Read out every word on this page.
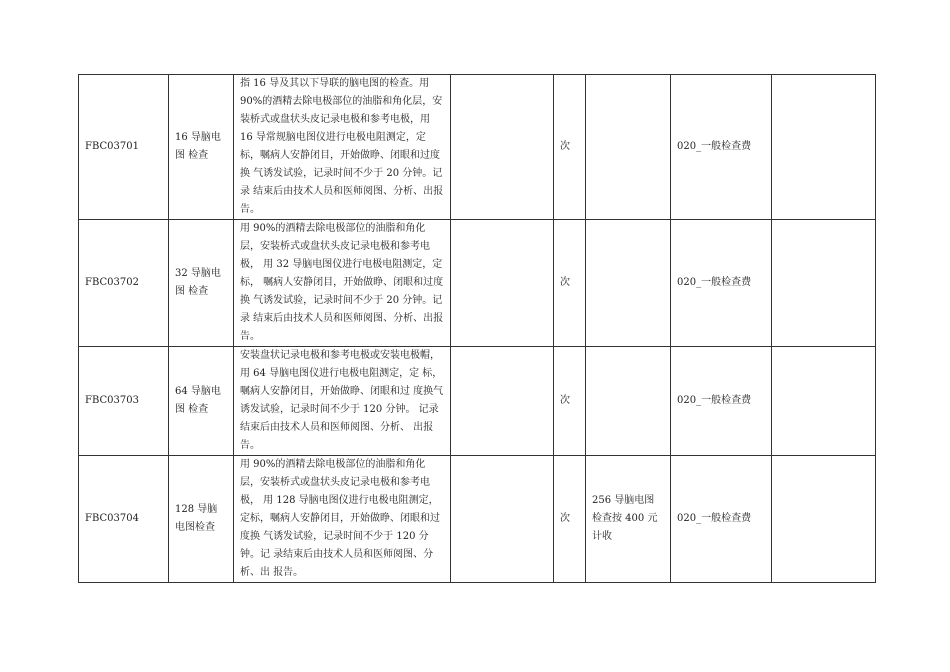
FBC03701	16 导脑电图 检查	指 16 导及其以下导联的脑电图的检查。用 90%的酒精去除电极部位的油脂和角化层，安 装桥式或盘状头皮记录电极和参考电极，用 16 导常规脑电图仪进行电极电阻测定，定标，嘱病人安静闭目，开始做睁、闭眼和过度换 气诱发试验，记录时间不少于 20 分钟。记录 结束后由技术人员和医师阅图、分析、出报 告。		次		020_一般检查费	
FBC03702	32 导脑电图 检查	用 90%的酒精去除电极部位的油脂和角化层，安装桥式或盘状头皮记录电极和参考电极， 用 32 导脑电图仪进行电极电阻测定，定标， 嘱病人安静闭目，开始做睁、闭眼和过度换 气诱发试验，记录时间不少于 20 分钟。记录 结束后由技术人员和医师阅图、分析、出报 告。		次		020_一般检查费	
FBC03703	64 导脑电图 检查	安装盘状记录电极和参考电极或安装电极帽，用 64 导脑电图仪进行电极电阻测定，定 标，嘱病人安静闭目，开始做睁、闭眼和过 度换气诱发试验，记录时间不少于 120 分钟。 记录结束后由技术人员和医师阅图、分析、 出报告。		次		020_一般检查费	
FBC03704	128 导脑电图检查	用 90%的酒精去除电极部位的油脂和角化层，安装桥式或盘状头皮记录电极和参考电极， 用 128 导脑电图仪进行电极电阻测定，定标，嘱病人安静闭目，开始做睁、闭眼和过度换 气诱发试验，记录时间不少于 120 分钟。记 录结束后由技术人员和医师阅图、分析、出 报告。		次	256 导脑电图检查按 400 元计收	020_一般检查费	
